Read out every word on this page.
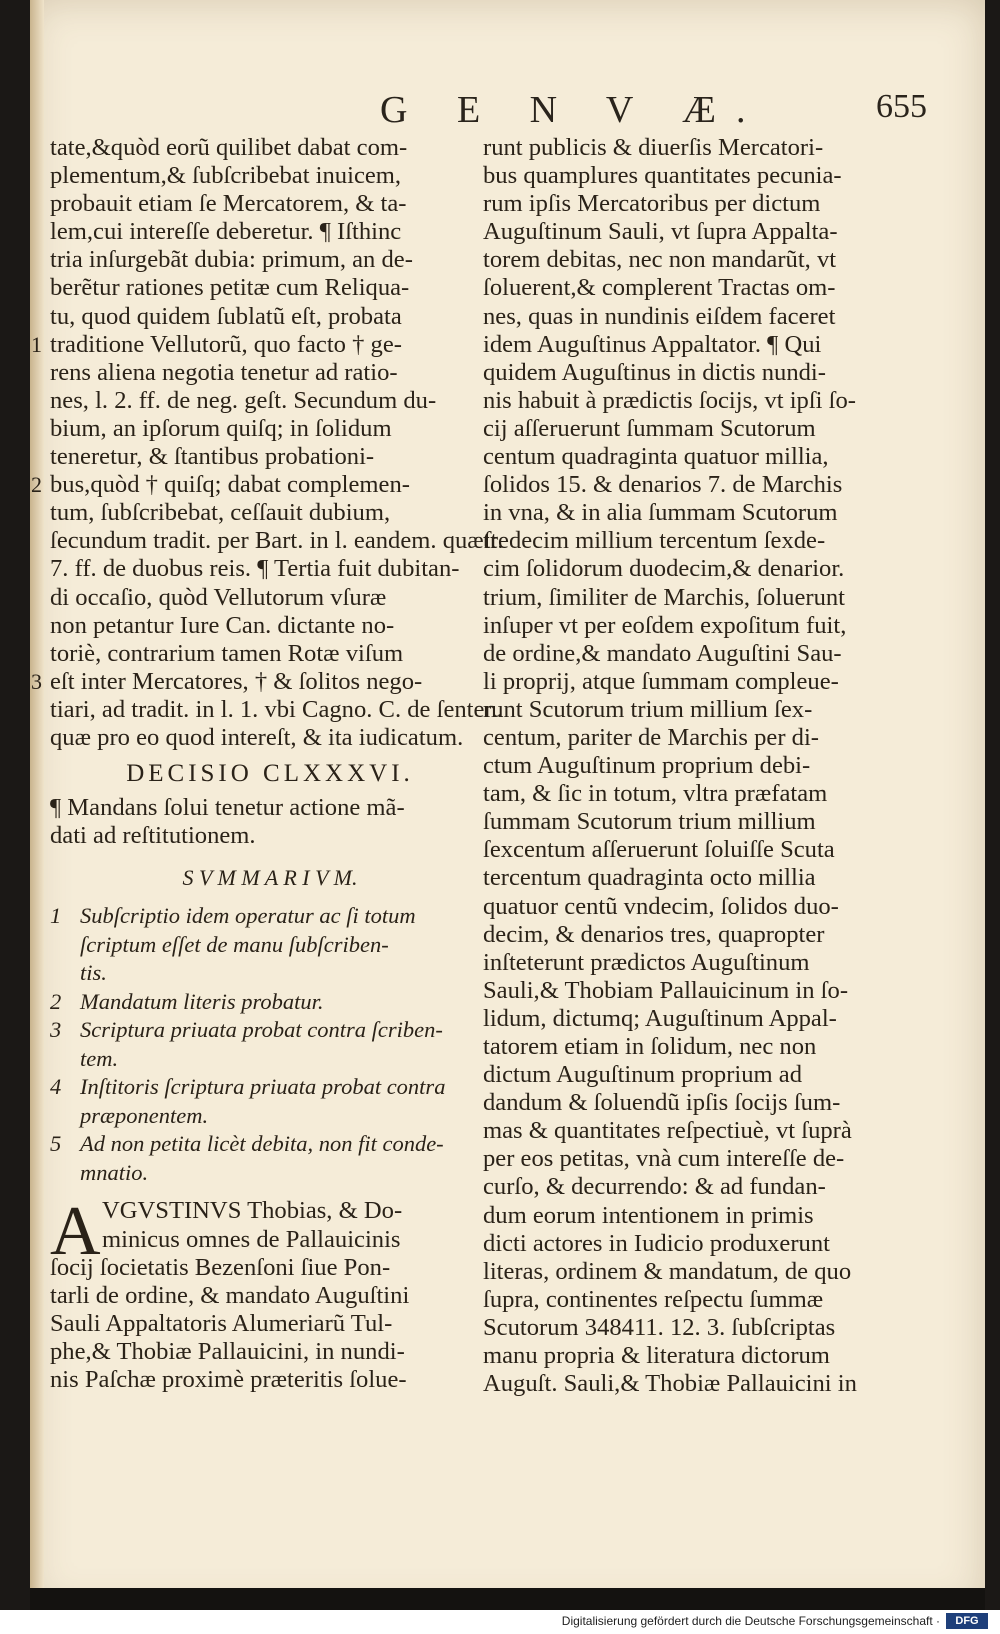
G E N V Æ.	655
tate,&quòd eorũ quilibet dabat com-
plementum,& ſubſcribebat inuicem,
probauit etiam ſe Mercatorem, & ta-
lem,cui intereſſe deberetur. ¶ Iſthinc
tria inſurgebãt dubia: primum, an de-
berẽtur rationes petitæ cum Reliqua-
tu, quod quidem ſublatũ eſt, probata
1 traditione Vellutorũ, quo facto † ge-
rens aliena negotia tenetur ad ratio-
nes, l. 2. ff. de neg. geſt. Secundum du-
bium, an ipſorum quiſq; in ſolidum
teneretur, & ſtantibus probationi-
2 bus,quòd † quiſq; dabat complemen-
tum, ſubſcribebat, ceſſauit dubium,
ſecundum tradit. per Bart. in l. eandem. quæſt.
7. ff. de duobus reis. ¶ Tertia fuit dubitan-
di occaſio, quòd Vellutorum vſuræ
non petantur Iure Can. dictante no-
toriè, contrarium tamen Rotæ viſum
3 eſt inter Mercatores, † & ſolitos nego-
tiari, ad tradit. in l. 1. vbi Cagno. C. de ſenten.
quæ pro eo quod intereſt, & ita iudicatum.
DECISIO CLXXXVI.
¶ Mandans ſolui tenetur actione mã-
dati ad reſtitutionem.
S V M M A R I V M.
1 Subſcriptio idem operatur ac ſi totum
ſcriptum eſſet de manu ſubſcriben-
tis.
2 Mandatum literis probatur.
3 Scriptura priuata probat contra ſcriben-
tem.
4 Inſtitoris ſcriptura priuata probat contra
præponentem.
5 Ad non petita licèt debita, non fit conde-
mnatio.
A VGVSTINVS Thobias, & Do-
minicus omnes de Pallauicinis
ſocij ſocietatis Bezenſoni ſiue Pon-
tarli de ordine, & mandato Auguſtini
Sauli Appaltatoris Alumeriarũ Tul-
phe,& Thobiæ Pallauicini, in nundi-
nis Paſchæ proximè præteritis ſolue-
runt publicis & diuerſis Mercatori-
bus quamplures quantitates pecunia-
rum ipſis Mercatoribus per dictum
Auguſtinum Sauli, vt ſupra Appalta-
torem debitas, nec non mandarũt, vt
ſoluerent,& complerent Tractas om-
nes, quas in nundinis eiſdem faceret
idem Auguſtinus Appaltator. ¶ Qui
quidem Auguſtinus in dictis nundi-
nis habuit à prædictis ſocijs, vt ipſi ſo-
cij aſſeruerunt ſummam Scutorum
centum quadraginta quatuor millia,
ſolidos 15. & denarios 7. de Marchis
in vna, & in alia ſummam Scutorum
tredecim millium tercentum ſexde-
cim ſolidorum duodecim,& denarior.
trium, ſimiliter de Marchis, ſoluerunt
inſuper vt per eoſdem expoſitum fuit,
de ordine,& mandato Auguſtini Sau-
li proprij, atque ſummam compleue-
runt Scutorum trium millium ſex-
centum, pariter de Marchis per di-
ctum Auguſtinum proprium debi-
tam, & ſic in totum, vltra præfatam
ſummam Scutorum trium millium
ſexcentum aſſeruerunt ſoluiſſe Scuta
tercentum quadraginta octo millia
quatuor centũ vndecim, ſolidos duo-
decim, & denarios tres, quapropter
inſteterunt prædictos Auguſtinum
Sauli,& Thobiam Pallauicinum in ſo-
lidum, dictumq; Auguſtinum Appal-
tatorem etiam in ſolidum, nec non
dictum Auguſtinum proprium ad
dandum & ſoluendũ ipſis ſocijs ſum-
mas & quantitates reſpectiuè, vt ſuprà
per eos petitas, vnà cum intereſſe de-
curſo, & decurrendo: & ad fundan-
dum eorum intentionem in primis
dicti actores in Iudicio produxerunt
literas, ordinem & mandatum, de quo
ſupra, continentes reſpectu ſummæ
Scutorum 348411. 12. 3. ſubſcriptas
manu propria & literatura dictorum
Auguſt. Sauli,& Thobiæ Pallauicini in
Digitalisierung gefördert durch die Deutsche Forschungsgemeinschaft ·	DFG
